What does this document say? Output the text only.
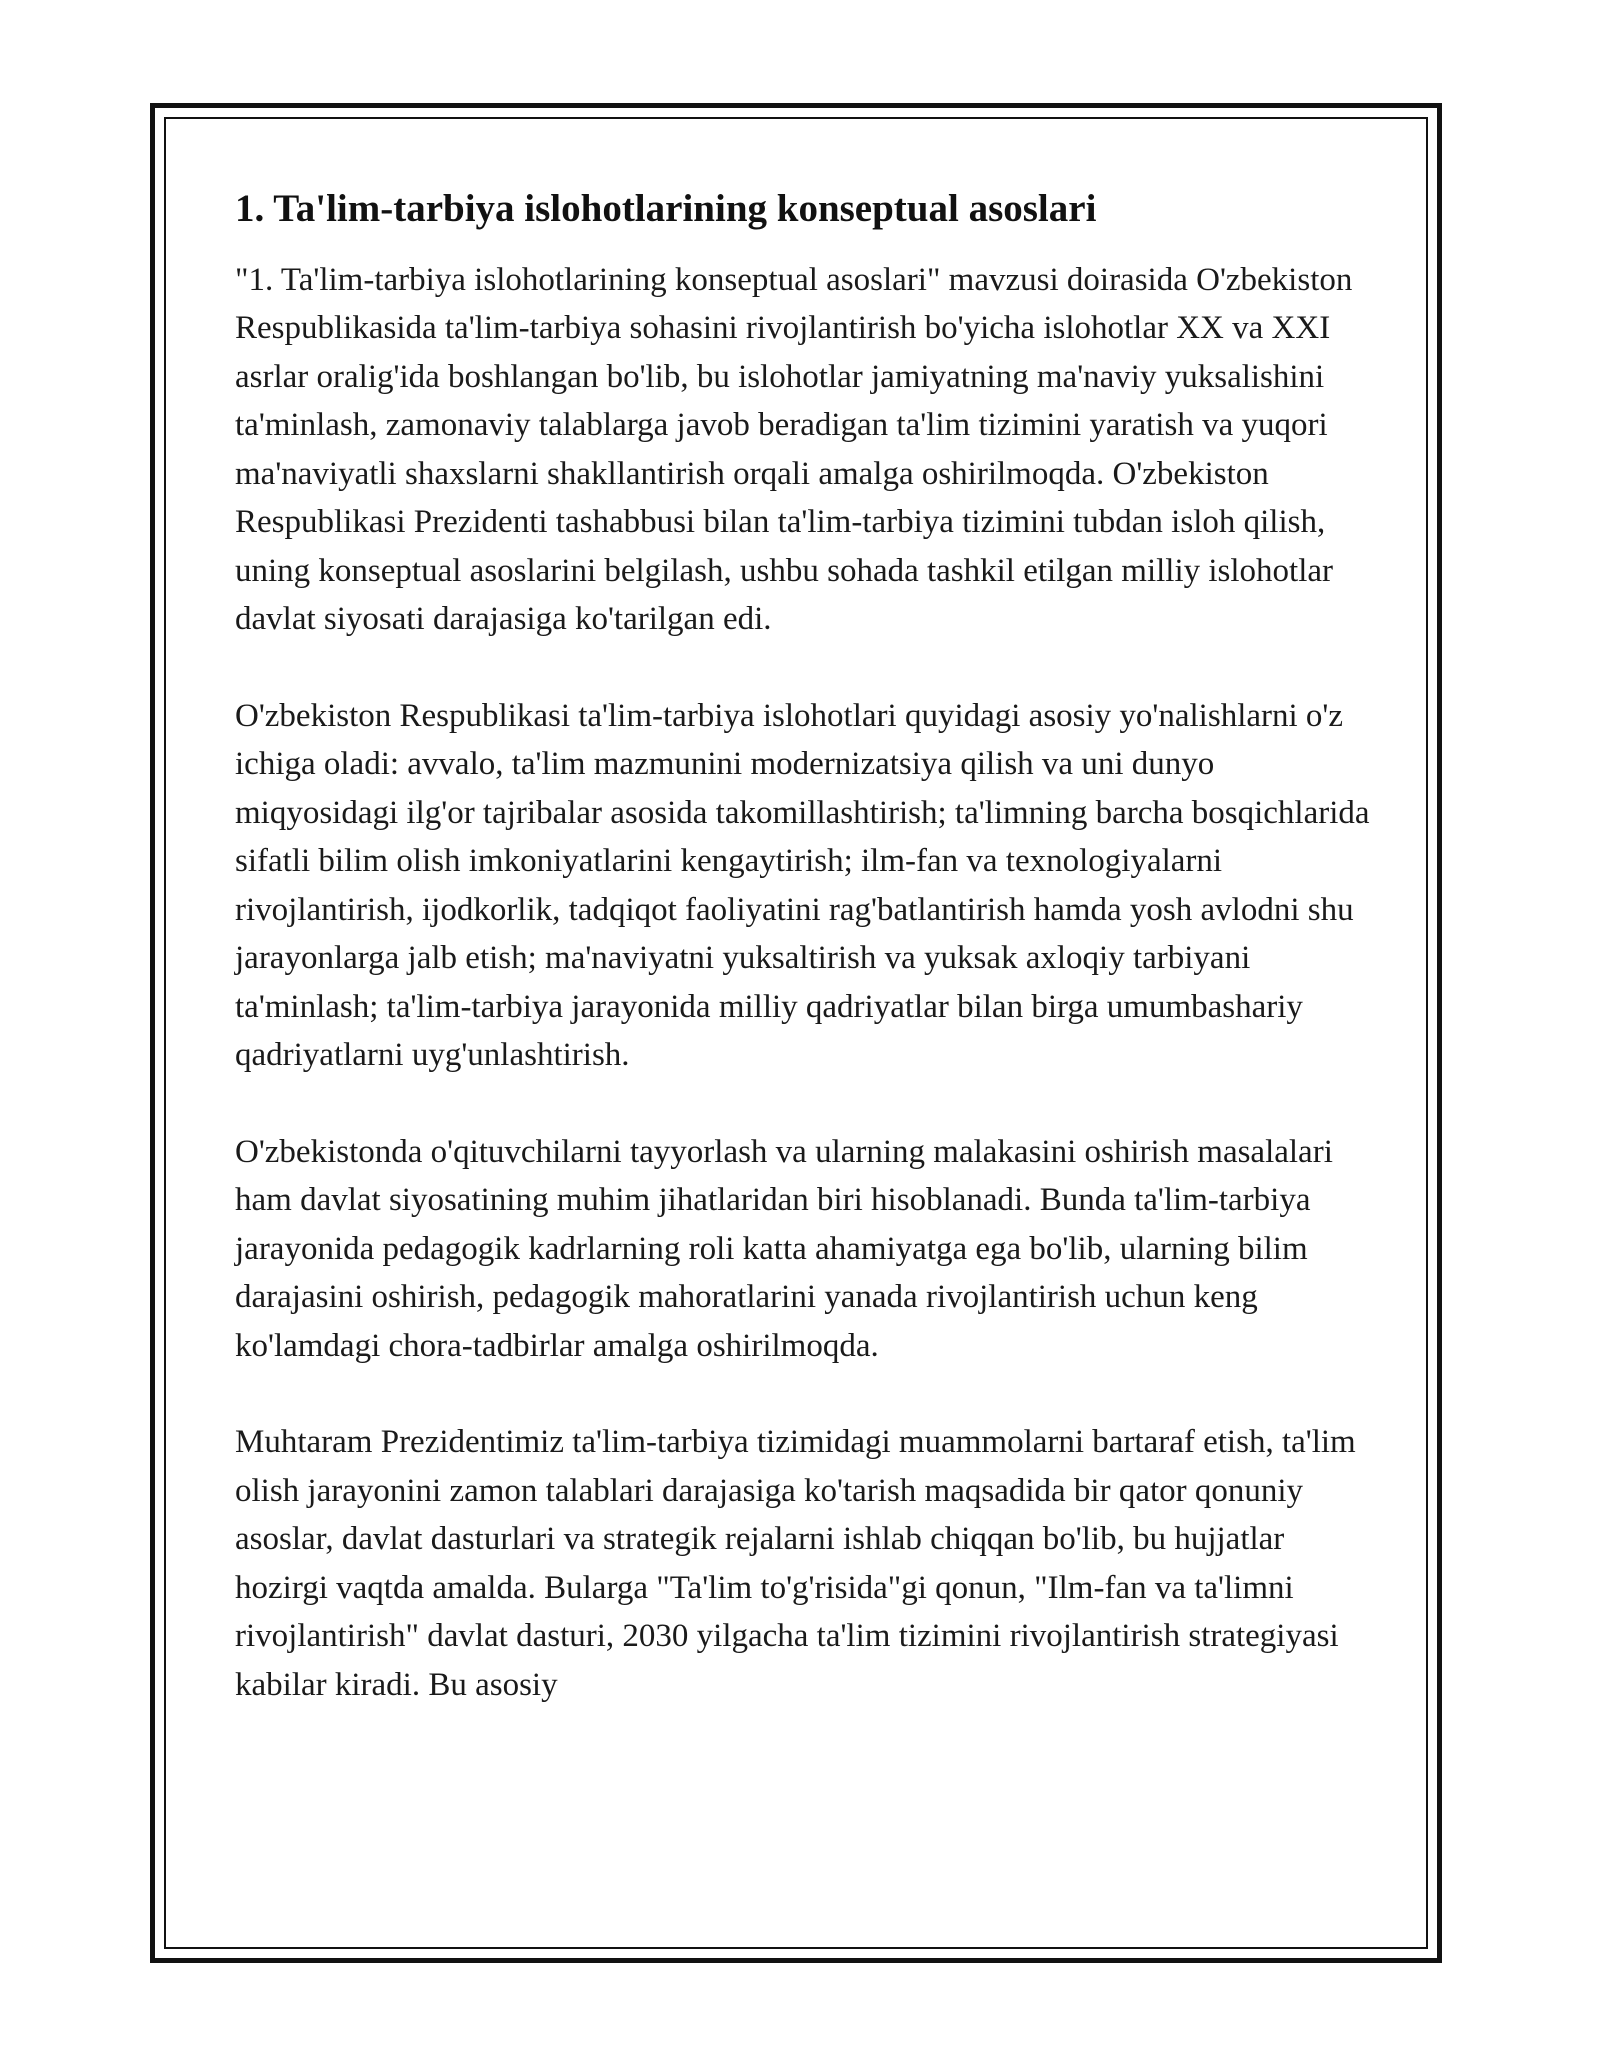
1. Ta'lim-tarbiya islohotlarining konseptual asoslari

"1. Ta'lim-tarbiya islohotlarining konseptual asoslari" mavzusi doirasida O'zbekiston Respublikasida ta'lim-tarbiya sohasini rivojlantirish bo'yicha islohotlar XX va XXI asrlar oralig'ida boshlangan bo'lib, bu islohotlar jamiyatning ma'naviy yuksalishini ta'minlash, zamonaviy talablarga javob beradigan ta'lim tizimini yaratish va yuqori ma'naviyatli shaxslarni shakllantirish orqali amalga oshirilmoqda. O'zbekiston Respublikasi Prezidenti tashabbusi bilan ta'lim-tarbiya tizimini tubdan isloh qilish, uning konseptual asoslarini belgilash, ushbu sohada tashkil etilgan milliy islohotlar davlat siyosati darajasiga ko'tarilgan edi.

O'zbekiston Respublikasi ta'lim-tarbiya islohotlari quyidagi asosiy yo'nalishlarni o'z ichiga oladi: avvalo, ta'lim mazmunini modernizatsiya qilish va uni dunyo miqyosidagi ilg'or tajribalar asosida takomillashtirish; ta'limning barcha bosqichlarida sifatli bilim olish imkoniyatlarini kengaytirish; ilm-fan va texnologiyalarni rivojlantirish, ijodkorlik, tadqiqot faoliyatini rag'batlantirish hamda yosh avlodni shu jarayonlarga jalb etish; ma'naviyatni yuksaltirish va yuksak axloqiy tarbiyani ta'minlash; ta'lim-tarbiya jarayonida milliy qadriyatlar bilan birga umumbashariy qadriyatlarni uyg'unlashtirish.

O'zbekistonda o'qituvchilarni tayyorlash va ularning malakasini oshirish masalalari ham davlat siyosatining muhim jihatlaridan biri hisoblanadi. Bunda ta'lim-tarbiya jarayonida pedagogik kadrlarning roli katta ahamiyatga ega bo'lib, ularning bilim darajasini oshirish, pedagogik mahoratlarini yanada rivojlantirish uchun keng ko'lamdagi chora-tadbirlar amalga oshirilmoqda.

Muhtaram Prezidentimiz ta'lim-tarbiya tizimidagi muammolarni bartaraf etish, ta'lim olish jarayonini zamon talablari darajasiga ko'tarish maqsadida bir qator qonuniy asoslar, davlat dasturlari va strategik rejalarni ishlab chiqqan bo'lib, bu hujjatlar hozirgi vaqtda amalda. Bularga "Ta'lim to'g'risida"gi qonun, "Ilm-fan va ta'limni rivojlantirish" davlat dasturi, 2030 yilgacha ta'lim tizimini rivojlantirish strategiyasi kabilar kiradi. Bu asosiy
